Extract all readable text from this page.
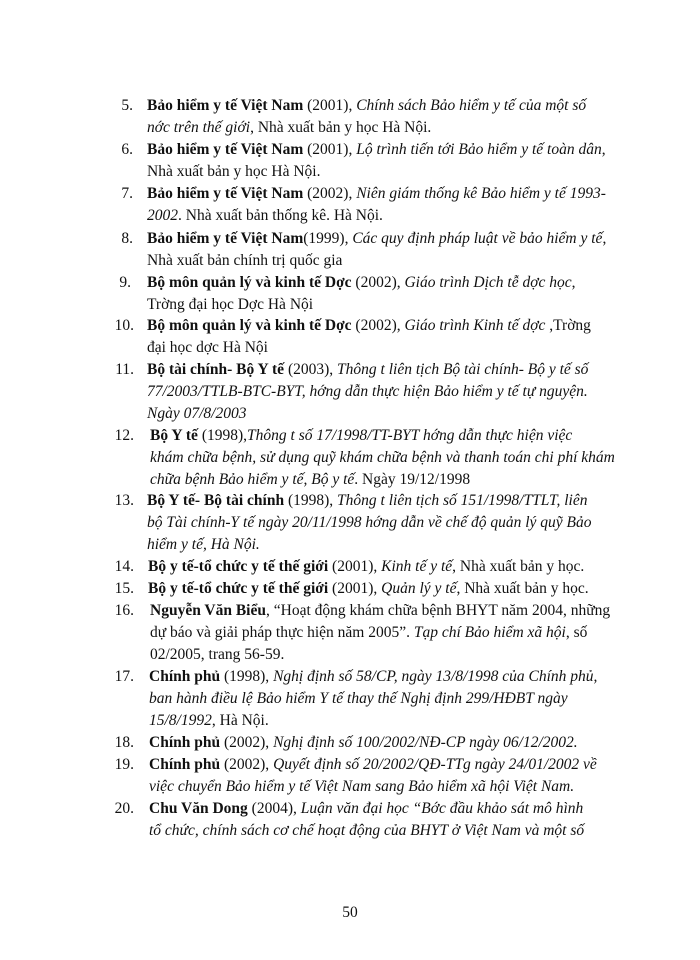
5. Bảo hiểm y tế Việt Nam (2001), Chính sách Bảo hiểm y tế của một số
nớc trên thế giới, Nhà xuất bản y học Hà Nội.
6. Bảo hiểm y tế Việt Nam (2001), Lộ trình tiến tới Bảo hiểm y tế toàn dân,
Nhà xuất bản y học Hà Nội.
7. Bảo hiểm y tế Việt Nam (2002), Niên giám thống kê Bảo hiểm y tế 1993-
2002. Nhà xuất bản thống kê. Hà Nội.
8. Bảo hiểm y tế Việt Nam(1999), Các quy định pháp luật về bảo hiểm y tế,
Nhà xuất bản chính trị quốc gia
9. Bộ môn quản lý và kinh tế Dợc (2002), Giáo trình Dịch tễ dợc học,
Trờng đại học Dợc Hà Nội
10. Bộ môn quản lý và kinh tế Dợc (2002), Giáo trình Kinh tế dợc ,Trờng
đại học dợc Hà Nội
11. Bộ tài chính- Bộ Y tế (2003), Thông t liên tịch Bộ tài chính- Bộ y tế số
77/2003/TTLB-BTC-BYT, hớng dẫn thực hiện Bảo hiểm y tế tự nguyện.
Ngày 07/8/2003
12. Bộ Y tế (1998),Thông t số 17/1998/TT-BYT hớng dẫn thực hiện việc
khám chữa bệnh, sử dụng quỹ khám chữa bệnh và thanh toán chi phí khám
chữa bệnh Bảo hiểm y tế, Bộ y tế. Ngày 19/12/1998
13. Bộ Y tế- Bộ tài chính (1998), Thông t liên tịch số 151/1998/TTLT, liên
bộ Tài chính-Y tế ngày 20/11/1998 hớng dẫn về chế độ quản lý quỹ Bảo
hiểm y tế, Hà Nội.
14. Bộ y tế-tổ chức y tế thế giới (2001), Kinh tế y tế, Nhà xuất bản y học.
15. Bộ y tế-tổ chức y tế thế giới (2001), Quản lý y tế, Nhà xuất bản y học.
16. Nguyễn Văn Biểu, “Hoạt động khám chữa bệnh BHYT năm 2004, những
dự báo và giải pháp thực hiện năm 2005”. Tạp chí Bảo hiểm xã hội, số
02/2005, trang 56-59.
17. Chính phủ (1998), Nghị định số 58/CP, ngày 13/8/1998 của Chính phủ,
ban hành điều lệ Bảo hiểm Y tế thay thế Nghị định 299/HĐBT ngày
15/8/1992, Hà Nội.
18. Chính phủ (2002), Nghị định số 100/2002/NĐ-CP ngày 06/12/2002.
19. Chính phủ (2002), Quyết định số 20/2002/QĐ-TTg ngày 24/01/2002 về
việc chuyển Bảo hiểm y tế Việt Nam sang Bảo hiểm xã hội Việt Nam.
20. Chu Văn Dong (2004), Luận văn đại học “Bớc đầu khảo sát mô hình
tổ chức, chính sách cơ chế hoạt động của BHYT ở Việt Nam và một số
50
